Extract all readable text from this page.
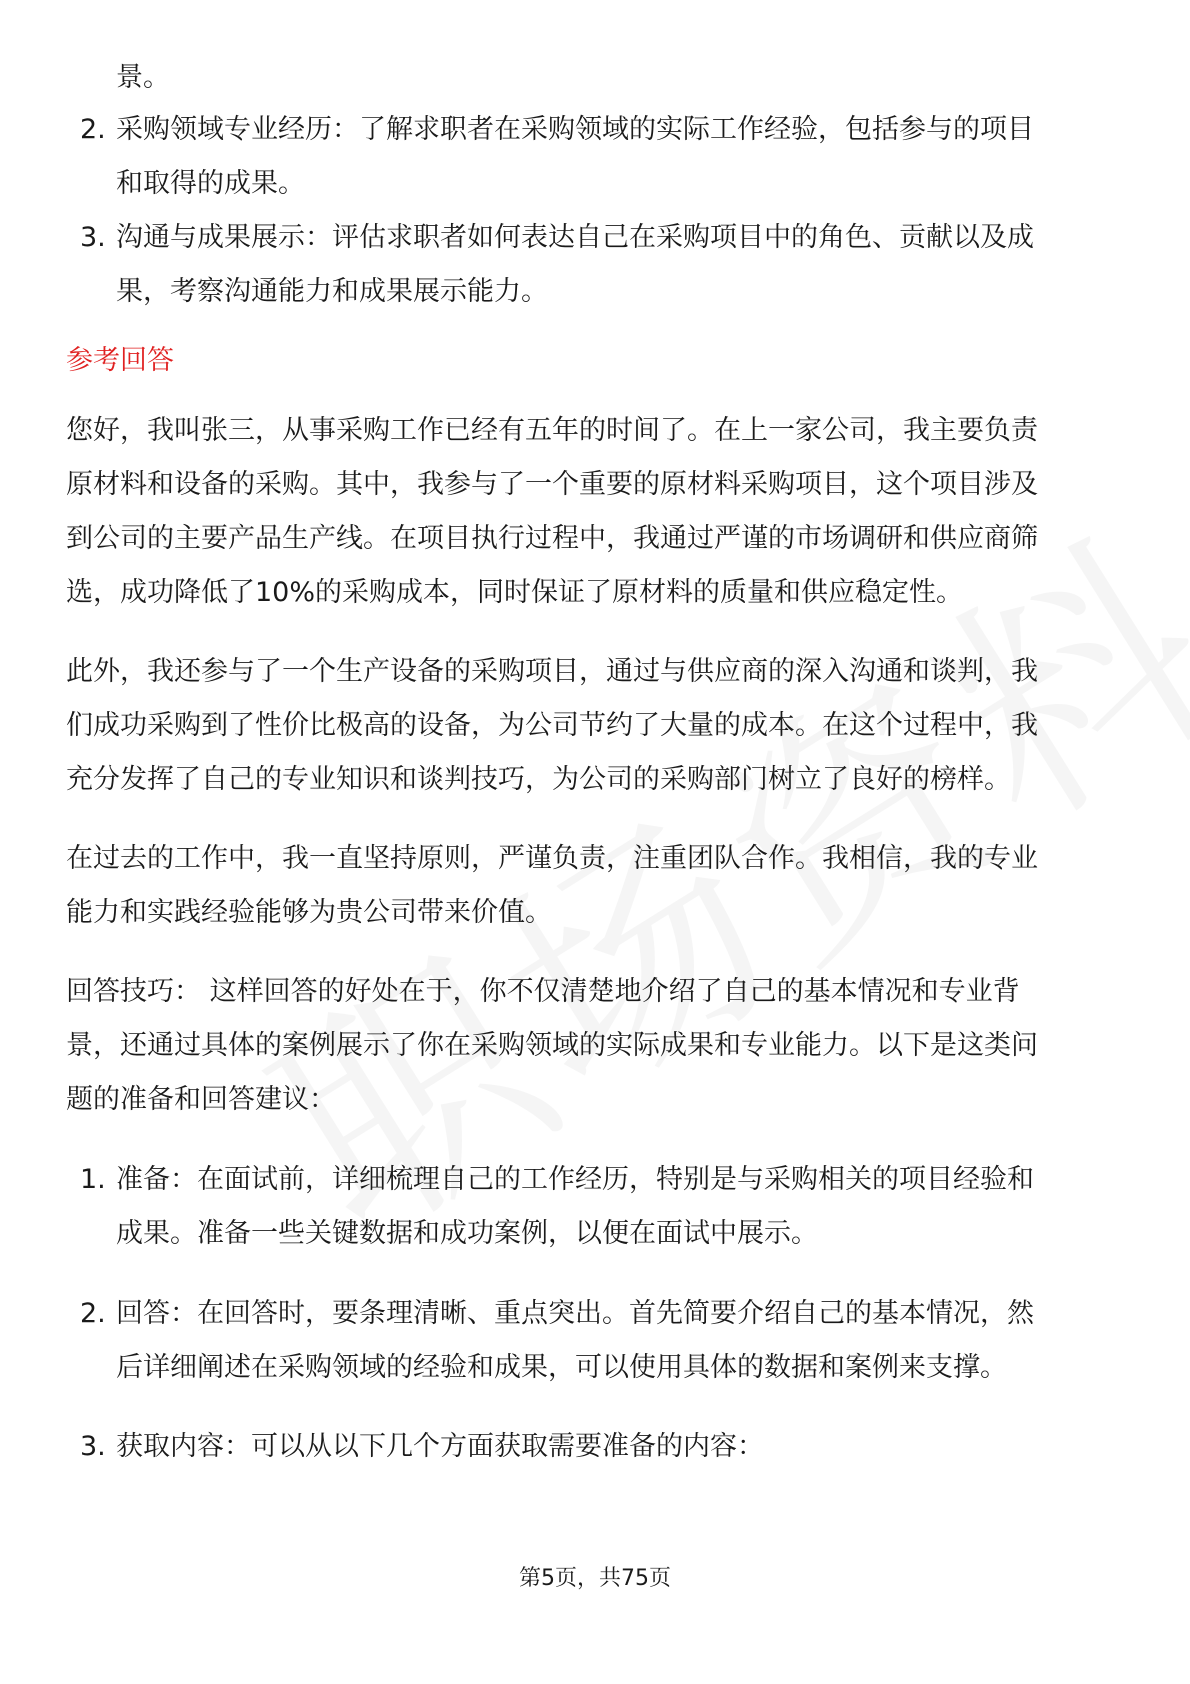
景。
2. 采购领域专业经历：了解求职者在采购领域的实际工作经验，包括参与的项目
和取得的成果。
3. 沟通与成果展示：评估求职者如何表达自己在采购项目中的角色、贡献以及成
果，考察沟通能力和成果展示能力。
参考回答
您好，我叫张三，从事采购工作已经有五年的时间了。在上一家公司，我主要负责
原材料和设备的采购。其中，我参与了一个重要的原材料采购项目，这个项目涉及
到公司的主要产品生产线。在项目执行过程中，我通过严谨的市场调研和供应商筛
选，成功降低了10%的采购成本，同时保证了原材料的质量和供应稳定性。
此外，我还参与了一个生产设备的采购项目，通过与供应商的深入沟通和谈判，我
们成功采购到了性价比极高的设备，为公司节约了大量的成本。在这个过程中，我
充分发挥了自己的专业知识和谈判技巧，为公司的采购部门树立了良好的榜样。
在过去的工作中，我一直坚持原则，严谨负责，注重团队合作。我相信，我的专业
能力和实践经验能够为贵公司带来价值。
回答技巧： 这样回答的好处在于，你不仅清楚地介绍了自己的基本情况和专业背
景，还通过具体的案例展示了你在采购领域的实际成果和专业能力。以下是这类问
题的准备和回答建议：
1. 准备：在面试前，详细梳理自己的工作经历，特别是与采购相关的项目经验和
成果。准备一些关键数据和成功案例，以便在面试中展示。
2. 回答：在回答时，要条理清晰、重点突出。首先简要介绍自己的基本情况，然
后详细阐述在采购领域的经验和成果，可以使用具体的数据和案例来支撑。
3. 获取内容：可以从以下几个方面获取需要准备的内容：
第5页，共75页
